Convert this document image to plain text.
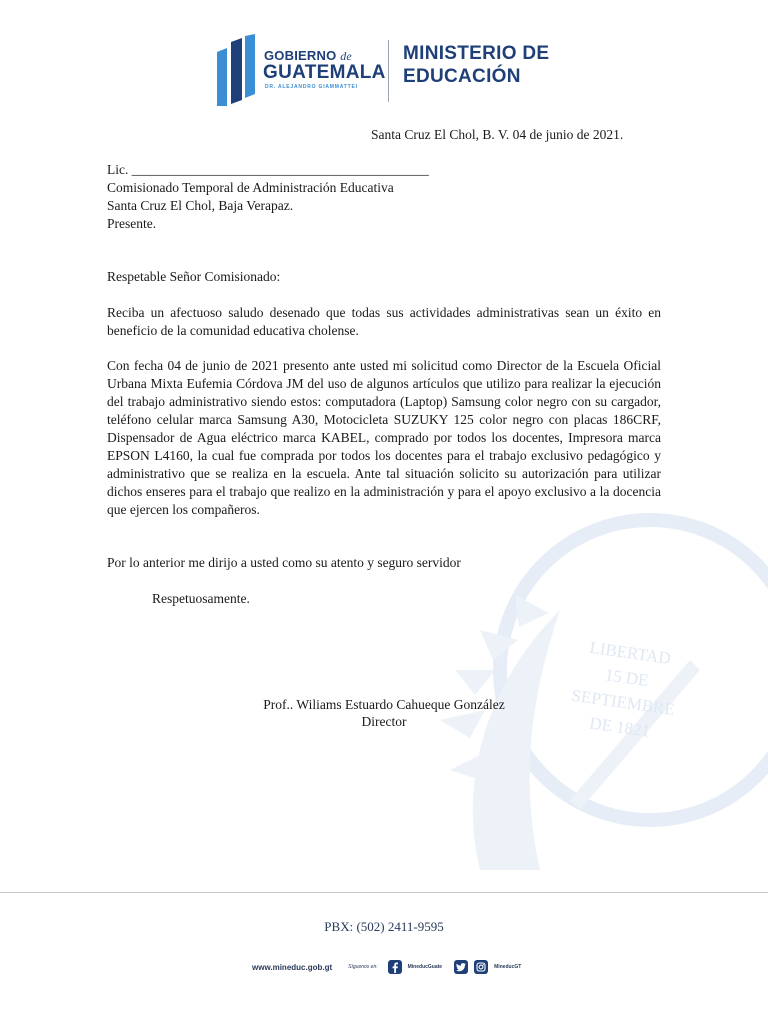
LIBERTAD
15 DE
SEPTIEMBRE
DE 1821
GOBIERNO de
GUATEMALA
DR. ALEJANDRO GIAMMATTEI
MINISTERIO DE
EDUCACIÓN
Santa Cruz El Chol, B. V. 04 de junio de 2021.
Lic. ____________________________________________
Comisionado Temporal de Administración Educativa
Santa Cruz El Chol, Baja Verapaz.
Presente.
Respetable Señor Comisionado:
Reciba un afectuoso saludo desenado que todas sus actividades administrativas sean un éxito en beneficio de la comunidad educativa cholense.
Con fecha 04 de junio de 2021 presento ante usted mi solicitud como Director de la Escuela Oficial Urbana Mixta Eufemia Córdova JM del uso de algunos artículos que utilizo para realizar la ejecución del trabajo administrativo siendo estos: computadora (Laptop) Samsung color negro con su cargador, teléfono celular marca Samsung A30, Motocicleta SUZUKY 125 color negro con placas 186CRF, Dispensador de Agua eléctrico marca KABEL, comprado por todos los docentes, Impresora marca EPSON L4160, la cual fue comprada por todos los docentes para el trabajo exclusivo pedagógico y administrativo que se realiza en la escuela. Ante tal situación solicito su autorización para utilizar dichos enseres para el trabajo que realizo en la administración y para el apoyo exclusivo a la docencia que ejercen los compañeros.
Por lo anterior me dirijo a usted como su atento y seguro servidor
Respetuosamente.
Prof.. Wiliams Estuardo Cahueque González
Director
PBX: (502) 2411-9595
www.mineduc.gob.gt	Síguenos en:	MineducGuate	MineducGT
